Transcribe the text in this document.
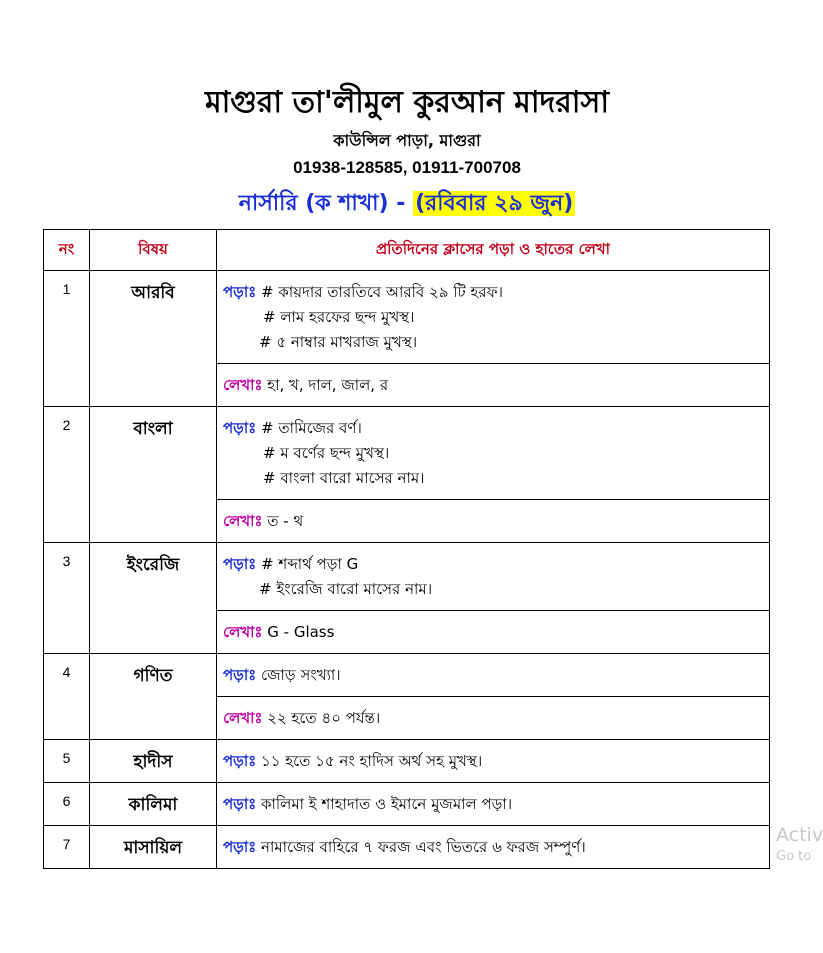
মাগুরা তা'লীমুল কুরআন মাদরাসা
কাউন্সিল পাড়া, মাগুরা
01938-128585, 01911-700708
নার্সারি (ক শাখা) - (রবিবার ২৯ জুন)
নং	বিষয়	প্রতিদিনের ক্লাসের পড়া ও হাতের লেখা
1	আরবি	পড়াঃ # কায়দার তারতিবে আরবি ২৯ টি হরফ।
# লাম হরফের ছন্দ মুখস্থ।
# ৫ নাম্বার মাখরাজ মুখস্থ।

		লেখাঃ হা, খ, দাল, জাল, র
2	বাংলা	পড়াঃ # তামিজের বর্ণ।
# ম বর্ণের ছন্দ মুখস্থ।
# বাংলা বারো মাসের নাম।

		লেখাঃ ত - থ
3	ইংরেজি	পড়াঃ # শব্দার্থ পড়া G
# ইংরেজি বারো মাসের নাম।

		লেখাঃ G - Glass
4	গণিত	পড়াঃ জোড় সংখ্যা।

		লেখাঃ ২২ হতে ৪০ পর্যন্ত।
5	হাদীস	পড়াঃ ১১ হতে ১৫ নং হাদিস অর্থ সহ মুখস্থ।

6	কালিমা	পড়াঃ কালিমা ই শাহাদাত ও ইমানে মুজমাল পড়া।

7	মাসায়িল	পড়াঃ নামাজের বাহিরে ৭ ফরজ এবং ভিতরে ৬ ফরজ সম্পুর্ণ।
Activ
Go to
